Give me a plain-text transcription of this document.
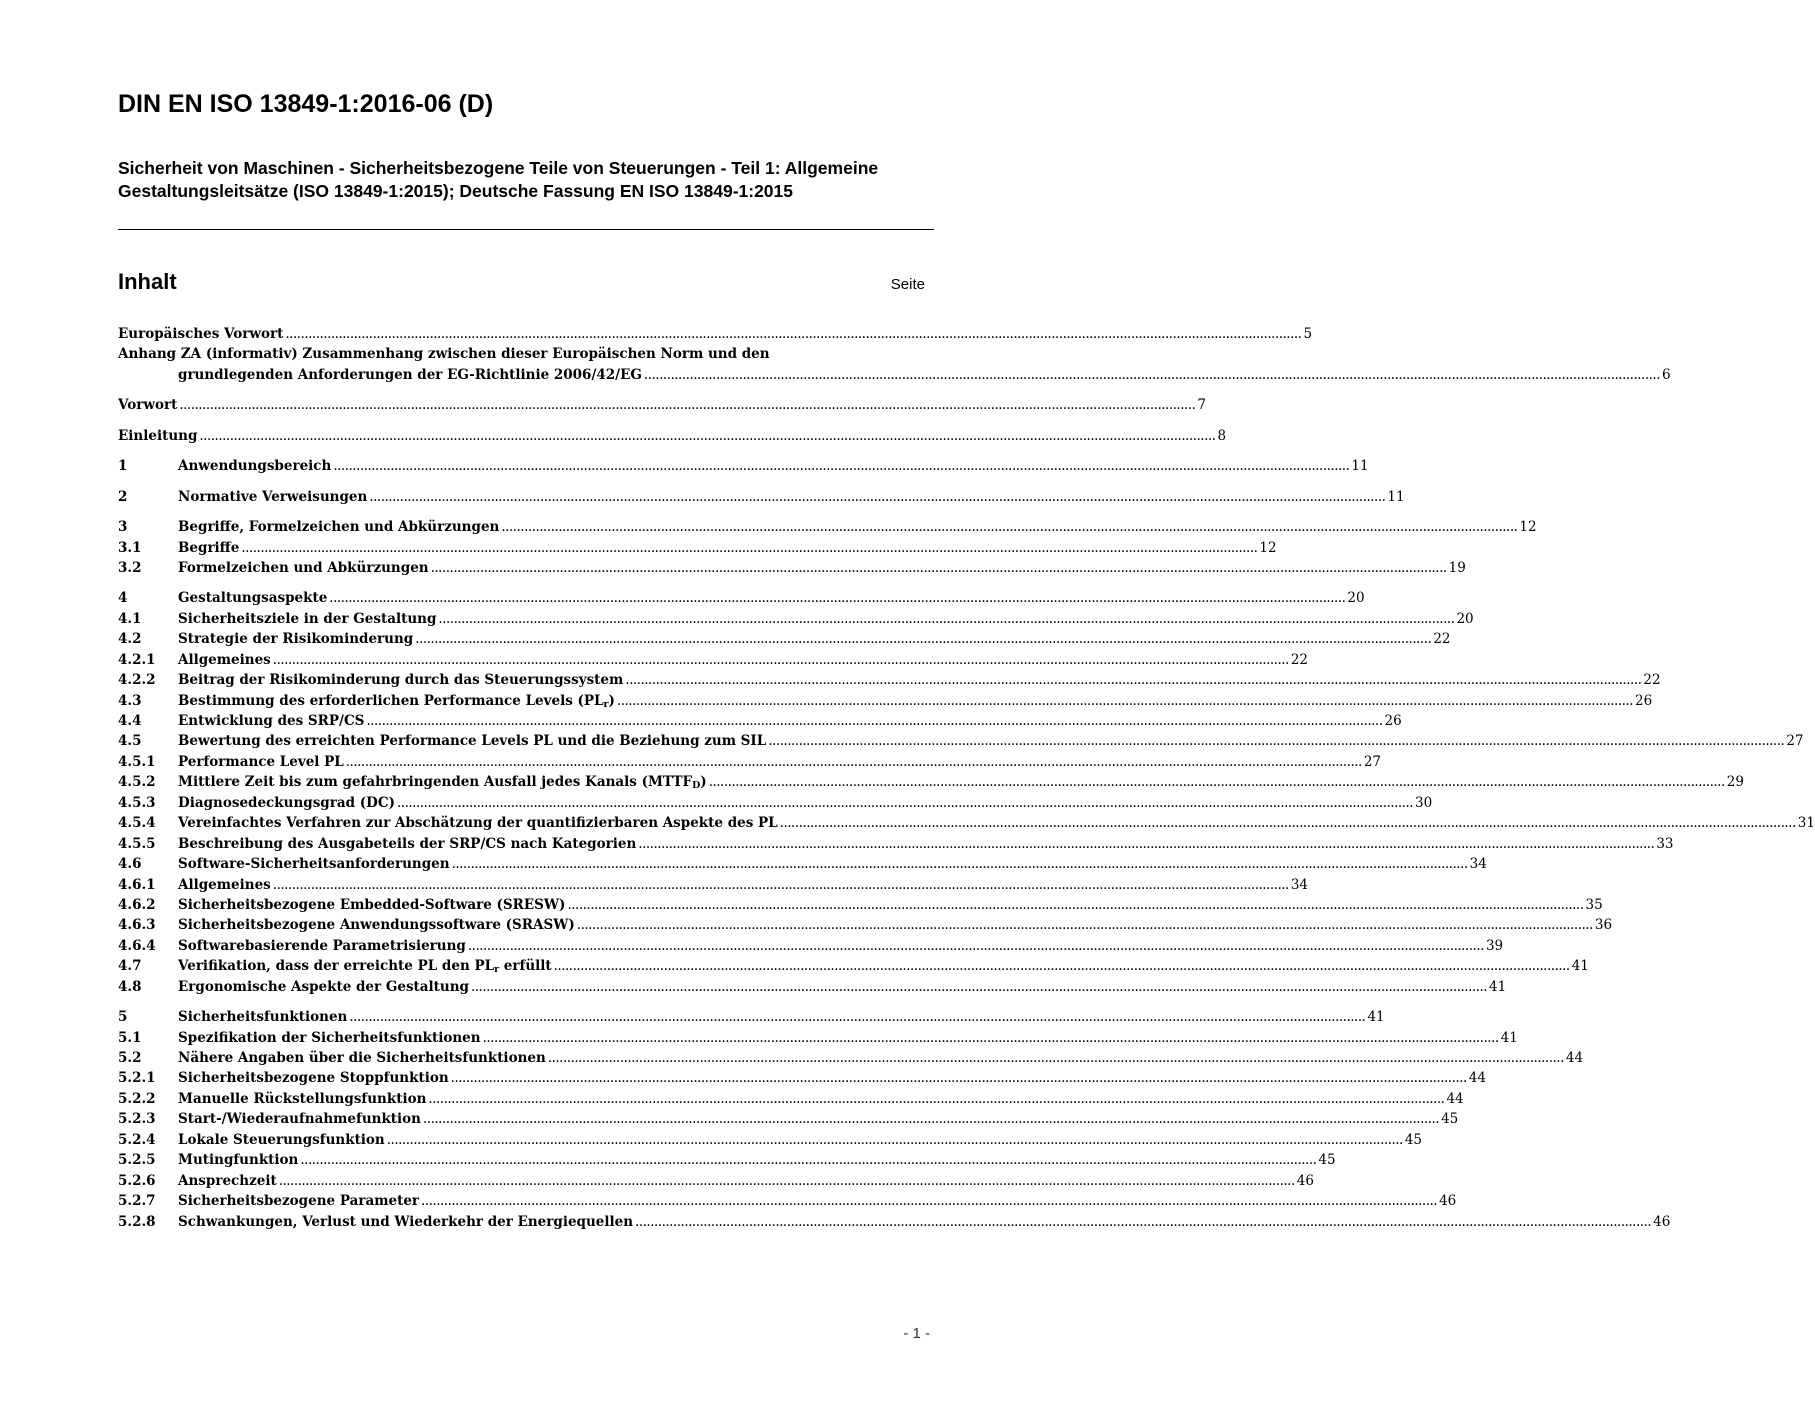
DIN EN ISO 13849-1:2016-06 (D)
Sicherheit von Maschinen - Sicherheitsbezogene Teile von Steuerungen - Teil 1: Allgemeine Gestaltungsleitsätze (ISO 13849-1:2015); Deutsche Fassung EN ISO 13849-1:2015
Inhalt	Seite
Europäisches Vorwort .....	5
Anhang ZA (informativ) Zusammenhang zwischen dieser Europäischen Norm und den
grundlegenden Anforderungen der EG-Richtlinie 2006/42/EG .....	6
Vorwort .....	7
Einleitung .....	8
1	Anwendungsbereich .....	11
2	Normative Verweisungen .....	11
3	Begriffe, Formelzeichen und Abkürzungen .....	12
3.1	Begriffe .....	12
3.2	Formelzeichen und Abkürzungen .....	19
4	Gestaltungsaspekte .....	20
4.1	Sicherheitsziele in der Gestaltung .....	20
4.2	Strategie der Risikominderung .....	22
4.2.1	Allgemeines .....	22
4.2.2	Beitrag der Risikominderung durch das Steuerungssystem .....	22
4.3	Bestimmung des erforderlichen Performance Levels $(PL_r)$ .....	26
4.4	Entwicklung des SRP/CS .....	26
4.5	Bewertung des erreichten Performance Levels PL und die Beziehung zum SIL .....	27
4.5.1	Performance Level PL .....	27
4.5.2	Mittlere Zeit bis zum gefahrbringenden Ausfall jedes Kanals $(MTTF_D)$ .....	29
4.5.3	Diagnosedeckungsgrad (DC) .....	30
4.5.4	Vereinfachtes Verfahren zur Abschätzung der quantifizierbaren Aspekte des PL .....	31
4.5.5	Beschreibung des Ausgabeteils der SRP/CS nach Kategorien .....	33
4.6	Software-Sicherheitsanforderungen .....	34
4.6.1	Allgemeines .....	34
4.6.2	Sicherheitsbezogene Embedded-Software (SRESW) .....	35
4.6.3	Sicherheitsbezogene Anwendungssoftware (SRASW) .....	36
4.6.4	Softwarebasierende Parametrisierung .....	39
4.7	Verifikation, dass der erreichte PL den $PL_r$ erfüllt .....	41
4.8	Ergonomische Aspekte der Gestaltung .....	41
5	Sicherheitsfunktionen .....	41
5.1	Spezifikation der Sicherheitsfunktionen .....	41
5.2	Nähere Angaben über die Sicherheitsfunktionen .....	44
5.2.1	Sicherheitsbezogene Stoppfunktion .....	44
5.2.2	Manuelle Rückstellungsfunktion .....	44
5.2.3	Start-/Wiederaufnahmefunktion .....	45
5.2.4	Lokale Steuerungsfunktion .....	45
5.2.5	Mutingfunktion .....	45
5.2.6	Ansprechzeit .....	46
5.2.7	Sicherheitsbezogene Parameter .....	46
5.2.8	Schwankungen, Verlust und Wiederkehr der Energiequellen .....	46
- 1 -
